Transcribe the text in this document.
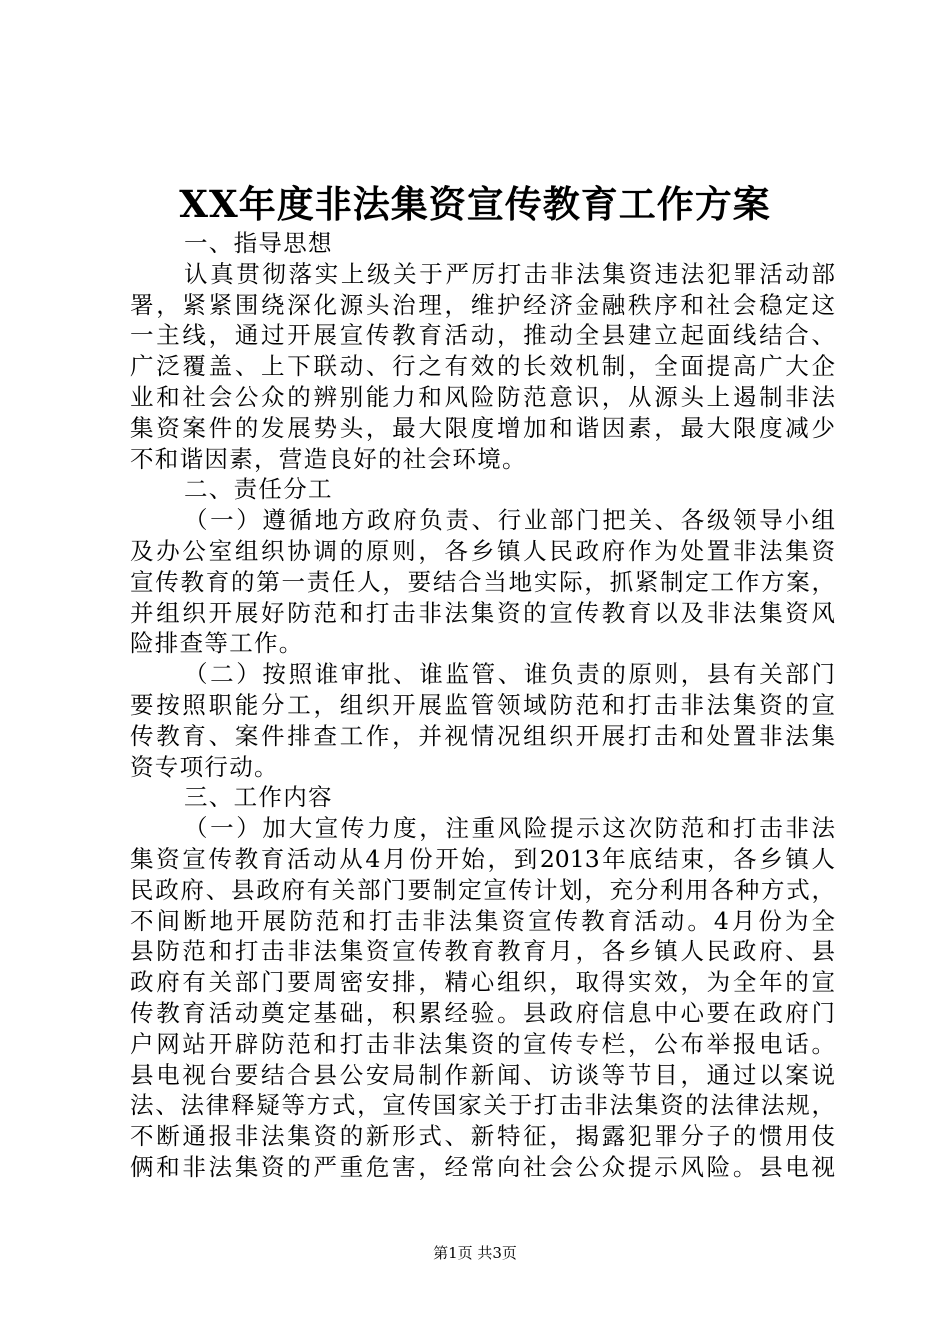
XX年度非法集资宣传教育工作方案
一、指导思想
认真贯彻落实上级关于严厉打击非法集资违法犯罪活动部
署，紧紧围绕深化源头治理，维护经济金融秩序和社会稳定这
一主线，通过开展宣传教育活动，推动全县建立起面线结合、
广泛覆盖、上下联动、行之有效的长效机制，全面提高广大企
业和社会公众的辨别能力和风险防范意识，从源头上遏制非法
集资案件的发展势头，最大限度增加和谐因素，最大限度减少
不和谐因素，营造良好的社会环境。
二、责任分工
（一）遵循地方政府负责、行业部门把关、各级领导小组
及办公室组织协调的原则，各乡镇人民政府作为处置非法集资
宣传教育的第一责任人，要结合当地实际，抓紧制定工作方案，
并组织开展好防范和打击非法集资的宣传教育以及非法集资风
险排查等工作。
（二）按照谁审批、谁监管、谁负责的原则，县有关部门
要按照职能分工，组织开展监管领域防范和打击非法集资的宣
传教育、案件排查工作，并视情况组织开展打击和处置非法集
资专项行动。
三、工作内容
（一）加大宣传力度，注重风险提示这次防范和打击非法
集资宣传教育活动从4月份开始，到2013年底结束，各乡镇人
民政府、县政府有关部门要制定宣传计划，充分利用各种方式，
不间断地开展防范和打击非法集资宣传教育活动。4月份为全
县防范和打击非法集资宣传教育教育月，各乡镇人民政府、县
政府有关部门要周密安排，精心组织，取得实效，为全年的宣
传教育活动奠定基础，积累经验。县政府信息中心要在政府门
户网站开辟防范和打击非法集资的宣传专栏，公布举报电话。
县电视台要结合县公安局制作新闻、访谈等节目，通过以案说
法、法律释疑等方式，宣传国家关于打击非法集资的法律法规，
不断通报非法集资的新形式、新特征，揭露犯罪分子的惯用伎
俩和非法集资的严重危害，经常向社会公众提示风险。县电视
第1页 共3页
